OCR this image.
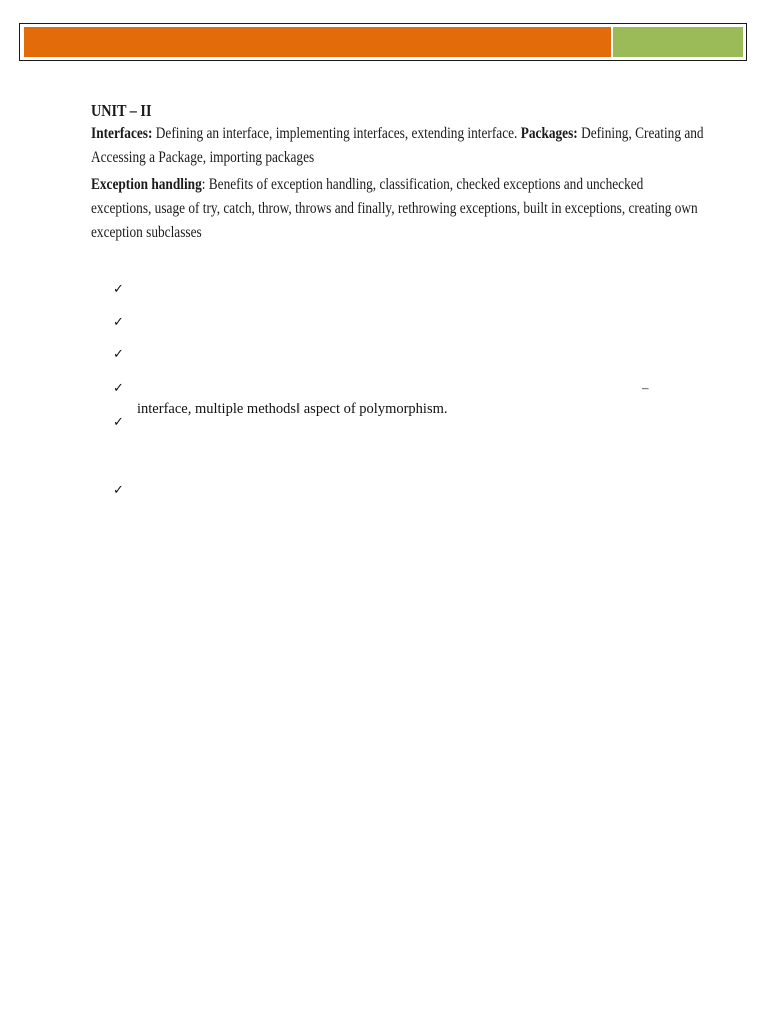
UNIT – II

Interfaces: Defining an interface, implementing interfaces, extending interface. Packages: Defining, Creating and Accessing a Package, importing packages

Exception handling: Benefits of exception handling, classification, checked exceptions and unchecked exceptions, usage of try, catch, throw, throws and finally, rethrowing exceptions, built in exceptions, creating own exception subclasses

✓
✓
✓
✓
✓
✓
–
interface, multiple methods‖ aspect of polymorphism.
